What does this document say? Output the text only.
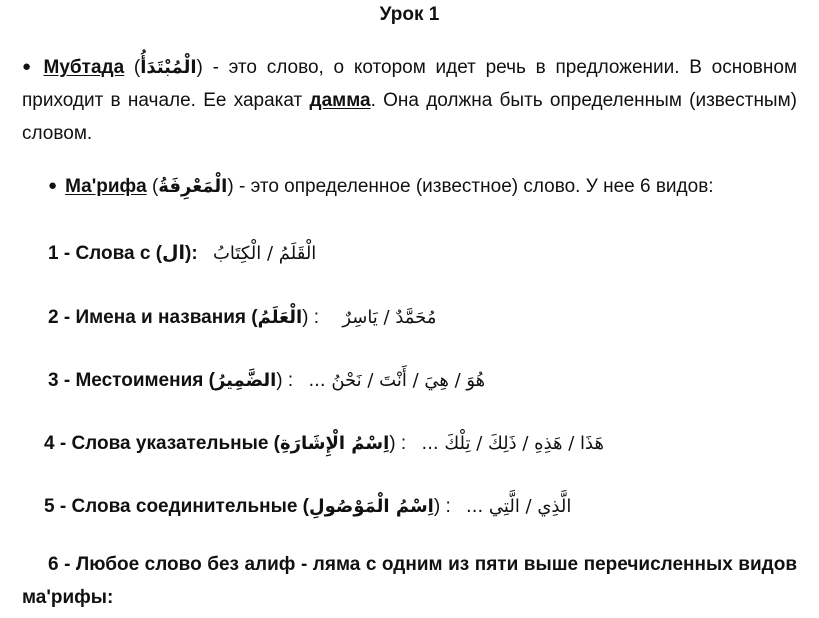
Урок 1
● Мубтада (الْمُبْتَدَأُ) - это слово, о котором идет речь в предложении. В основном приходит в начале. Ее харакат дамма. Она должна быть определенным (известным) словом.
● Ма'рифа (الْمَعْرِفَةُ) - это определенное (известное) слово. У нее 6 видов:
1 - Слова с (ال): الْقَلَمُ / الْكِتَابُ
2 - Имена и названия (الْعَلَمُ) : مُحَمَّدٌ / يَاسِرٌ
3 - Местоимения (الضَّمِيرُ) : هُوَ / هِيَ / أَنْتَ / نَحْنُ ...
4 - Слова указательные (اِسْمُ الْإِشَارَةِ) : هَذَا / هَذِهِ / ذَلِكَ / تِلْكَ ...
5 - Слова соединительные (اِسْمُ الْمَوْصُولِ) : الَّذِي / الَّتِي ...
6 - Любое слово без алиф - ляма с одним из пяти выше перечисленных видов ма'рифы:
